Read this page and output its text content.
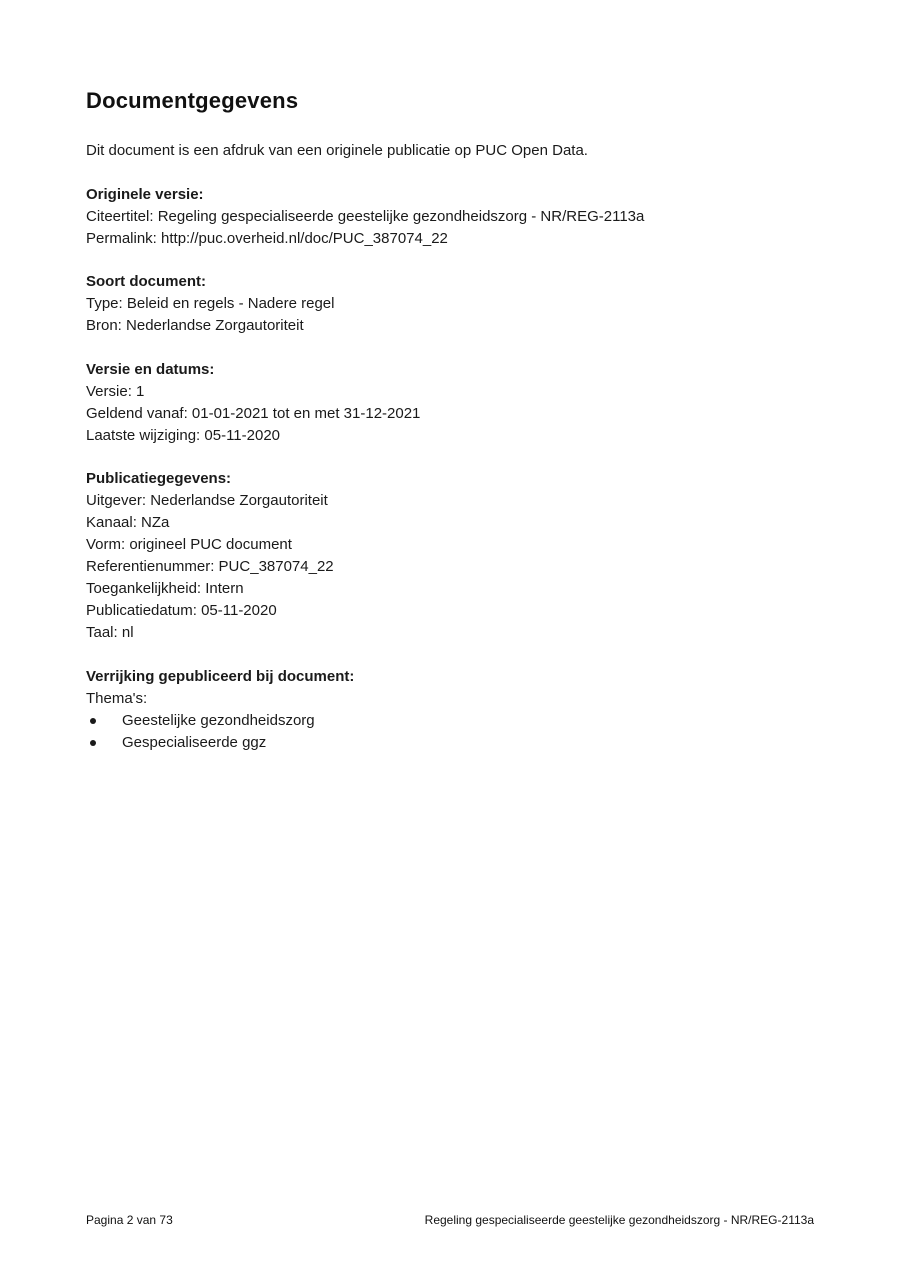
Documentgegevens

Dit document is een afdruk van een originele publicatie op PUC Open Data.

Originele versie:
Citeertitel: Regeling gespecialiseerde geestelijke gezondheidszorg - NR/REG-2113a
Permalink: http://puc.overheid.nl/doc/PUC_387074_22
Soort document:
Type: Beleid en regels - Nadere regel
Bron: Nederlandse Zorgautoriteit
Versie en datums:
Versie: 1
Geldend vanaf: 01-01-2021 tot en met 31-12-2021
Laatste wijziging: 05-11-2020
Publicatiegegevens:
Uitgever: Nederlandse Zorgautoriteit
Kanaal: NZa
Vorm: origineel PUC document
Referentienummer: PUC_387074_22
Toegankelijkheid: Intern
Publicatiedatum: 05-11-2020
Taal: nl
Verrijking gepubliceerd bij document:
Thema's:
Geestelijke gezondheidszorg
Gespecialiseerde ggz
Pagina 2 van 73	Regeling gespecialiseerde geestelijke gezondheidszorg - NR/REG-2113a
